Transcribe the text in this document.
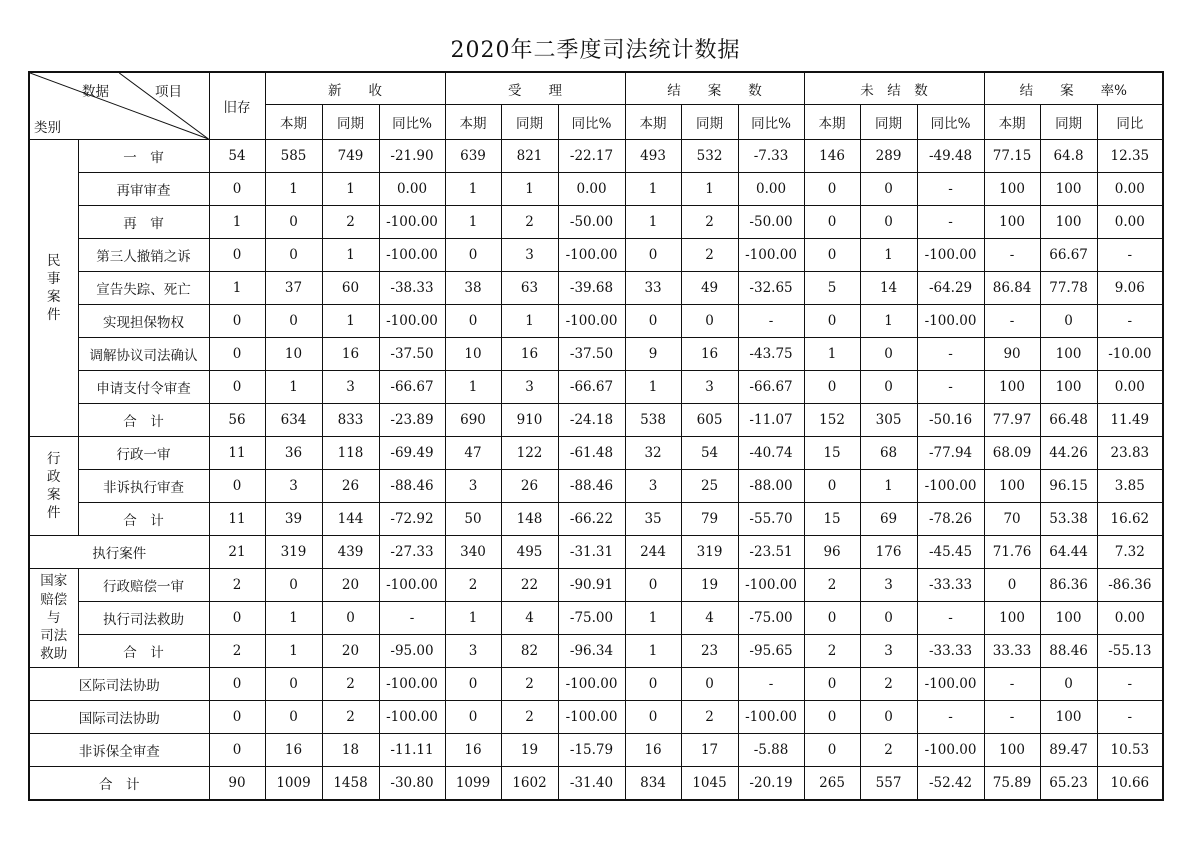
2020年二季度司法统计数据
数据 项目
类别		旧存	新　　收			受　　理			结　　案　　数			未　结　数			结　　案　　率%		
			本期	同期	同比%	本期	同期	同比%	本期	同期	同比%	本期	同期	同比%	本期	同期	同比
民
事
案
件	一　审	54	585	749	-21.90	639	821	-22.17	493	532	-7.33	146	289	-49.48	77.15	64.8	12.35
	再审审查	0	1	1	0.00	1	1	0.00	1	1	0.00	0	0	-	100	100	0.00
	再　审	1	0	2	-100.00	1	2	-50.00	1	2	-50.00	0	0	-	100	100	0.00
	第三人撤销之诉	0	0	1	-100.00	0	3	-100.00	0	2	-100.00	0	1	-100.00	-	66.67	-
	宣告失踪、死亡	1	37	60	-38.33	38	63	-39.68	33	49	-32.65	5	14	-64.29	86.84	77.78	9.06
	实现担保物权	0	0	1	-100.00	0	1	-100.00	0	0	-	0	1	-100.00	-	0	-
	调解协议司法确认	0	10	16	-37.50	10	16	-37.50	9	16	-43.75	1	0	-	90	100	-10.00
	申请支付令审查	0	1	3	-66.67	1	3	-66.67	1	3	-66.67	0	0	-	100	100	0.00
	合　计	56	634	833	-23.89	690	910	-24.18	538	605	-11.07	152	305	-50.16	77.97	66.48	11.49
行
政
案
件	行政一审	11	36	118	-69.49	47	122	-61.48	32	54	-40.74	15	68	-77.94	68.09	44.26	23.83
	非诉执行审查	0	3	26	-88.46	3	26	-88.46	3	25	-88.00	0	1	-100.00	100	96.15	3.85
	合　计	11	39	144	-72.92	50	148	-66.22	35	79	-55.70	15	69	-78.26	70	53.38	16.62
执行案件		21	319	439	-27.33	340	495	-31.31	244	319	-23.51	96	176	-45.45	71.76	64.44	7.32
国家
赔偿
与
司法
救助	行政赔偿一审	2	0	20	-100.00	2	22	-90.91	0	19	-100.00	2	3	-33.33	0	86.36	-86.36
	执行司法救助	0	1	0	-	1	4	-75.00	1	4	-75.00	0	0	-	100	100	0.00
	合　计	2	1	20	-95.00	3	82	-96.34	1	23	-95.65	2	3	-33.33	33.33	88.46	-55.13
区际司法协助		0	0	2	-100.00	0	2	-100.00	0	0	-	0	2	-100.00	-	0	-
国际司法协助		0	0	2	-100.00	0	2	-100.00	0	2	-100.00	0	0	-	-	100	-
非诉保全审查		0	16	18	-11.11	16	19	-15.79	16	17	-5.88	0	2	-100.00	100	89.47	10.53
合　计		90	1009	1458	-30.80	1099	1602	-31.40	834	1045	-20.19	265	557	-52.42	75.89	65.23	10.66
